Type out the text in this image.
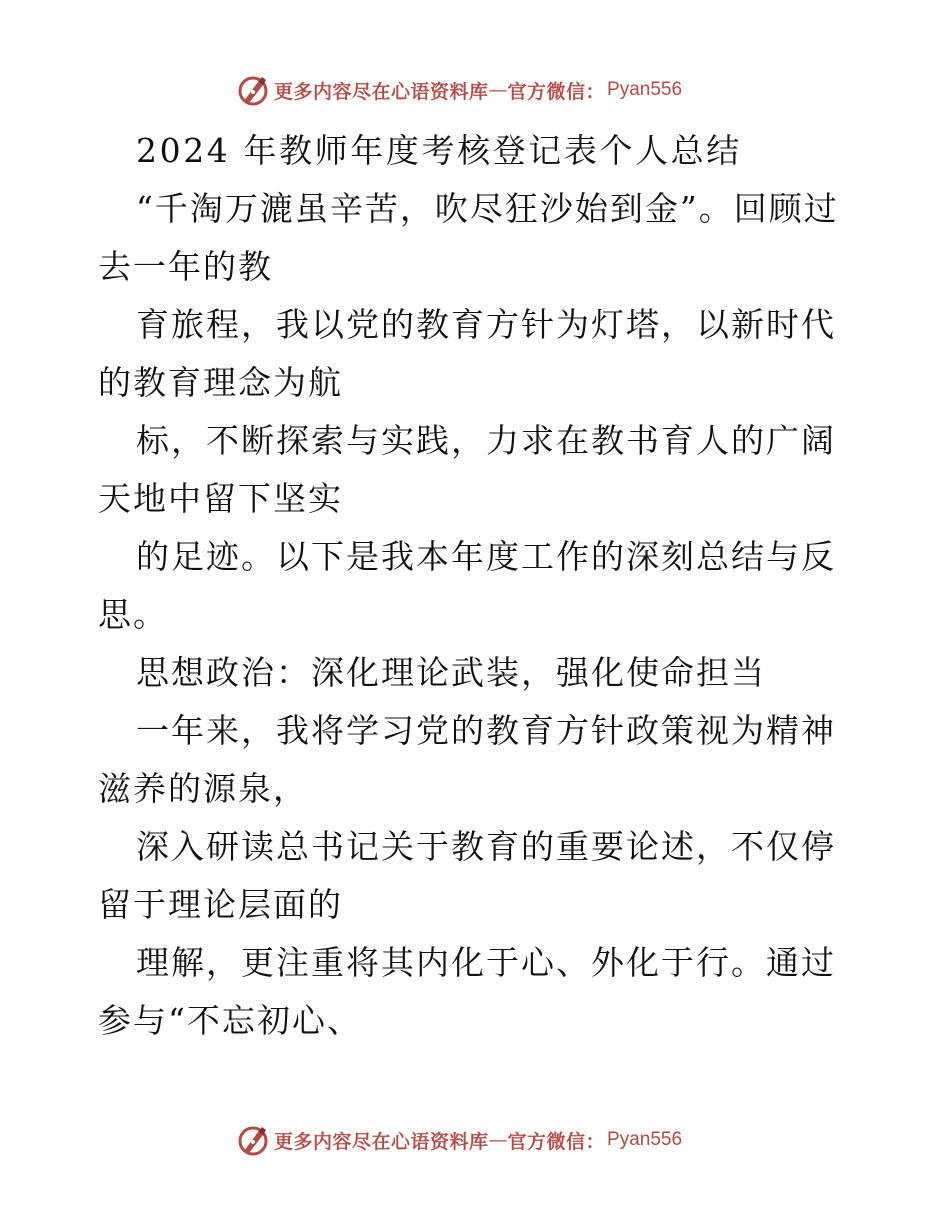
更多内容尽在心语资料库 — 官方微信： Pyan556

2024 年教师年度考核登记表个人总结

“千淘万漉虽辛苦，吹尽狂沙始到金”。回顾过去一年的教

育旅程，我以党的教育方针为灯塔，以新时代的教育理念为航

标，不断探索与实践，力求在教书育人的广阔天地中留下坚实

的足迹。以下是我本年度工作的深刻总结与反思。

思想政治：深化理论武装，强化使命担当

一年来，我将学习党的教育方针政策视为精神滋养的源泉，

深入研读总书记关于教育的重要论述，不仅停留于理论层面的

理解，更注重将其内化于心、外化于行。通过参与“不忘初心、

更多内容尽在心语资料库 — 官方微信： Pyan556
